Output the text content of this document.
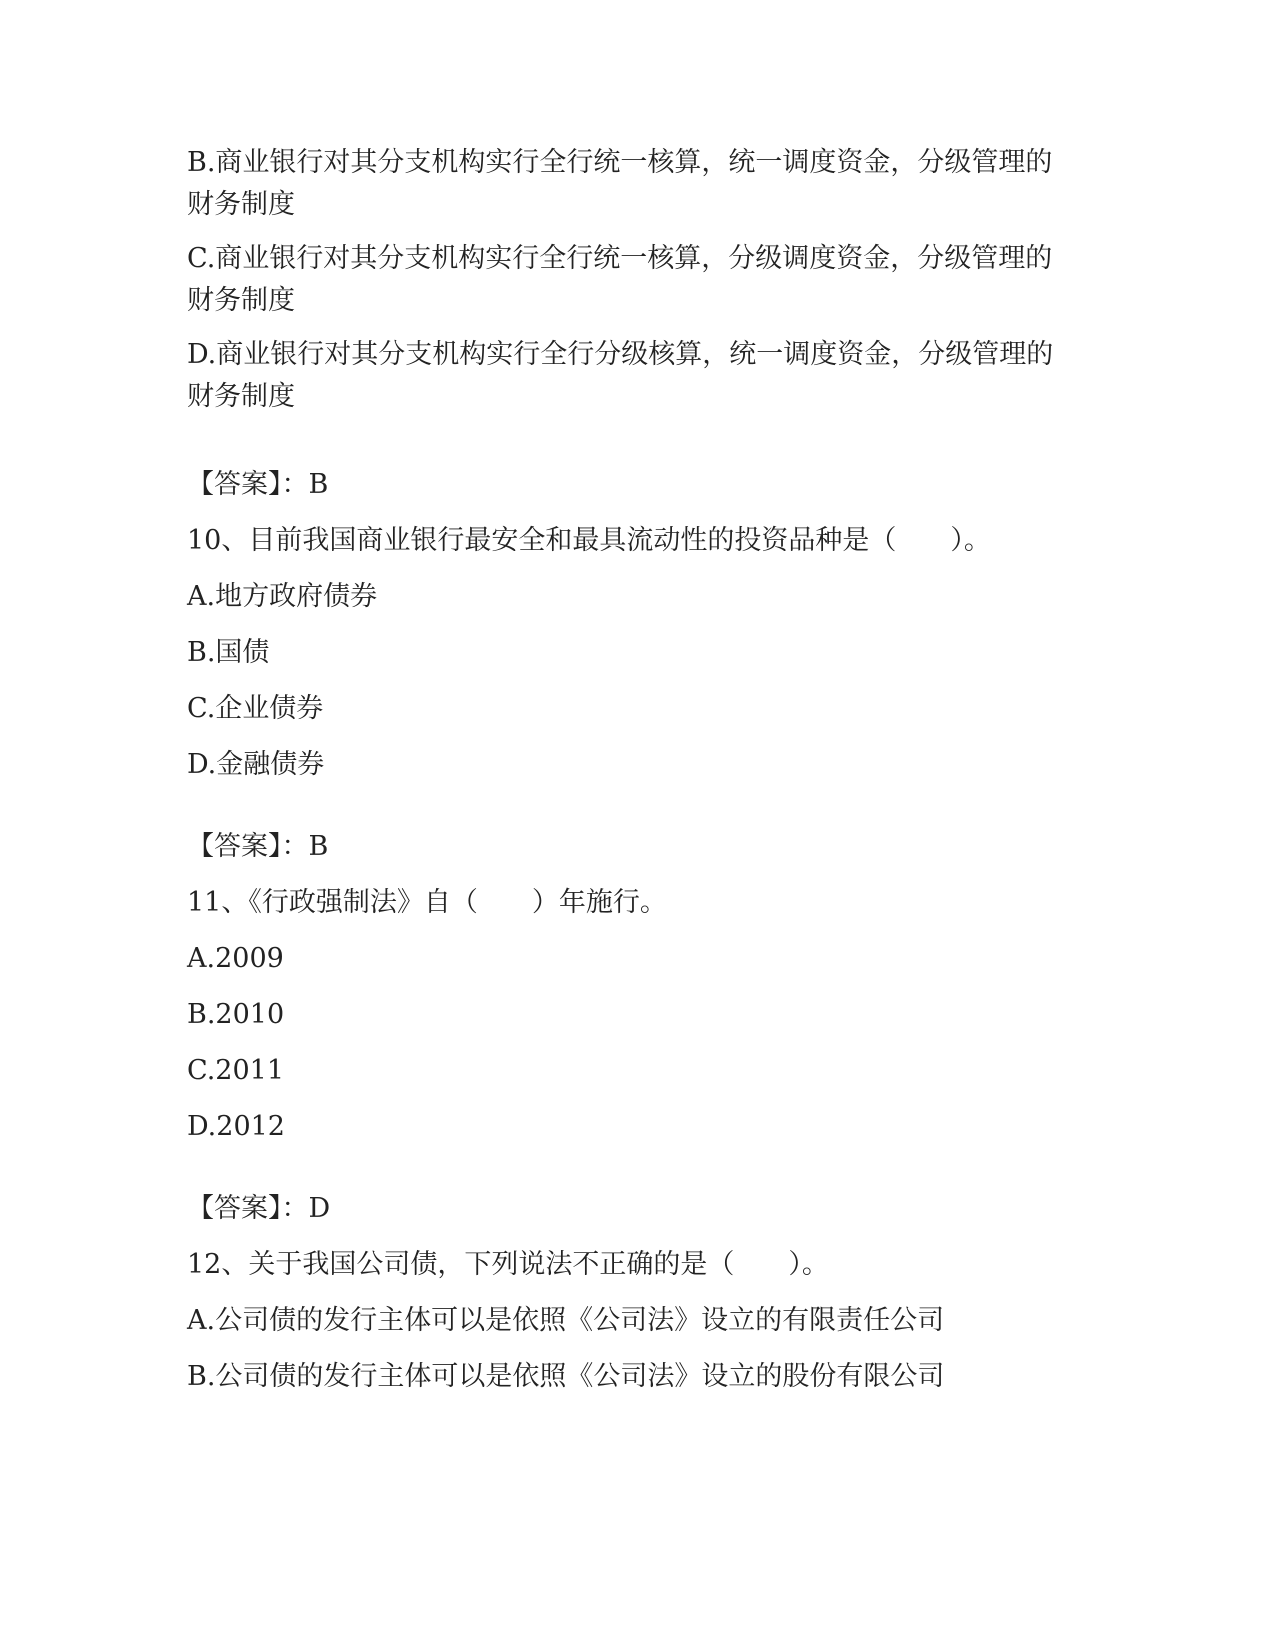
B.商业银行对其分支机构实行全行统一核算，统一调度资金，分级管理的财务制度
C.商业银行对其分支机构实行全行统一核算，分级调度资金，分级管理的财务制度
D.商业银行对其分支机构实行全行分级核算，统一调度资金，分级管理的财务制度
【答案】：B
10、目前我国商业银行最安全和最具流动性的投资品种是（　　）。
A.地方政府债券
B.国债
C.企业债券
D.金融债券
【答案】：B
11、《行政强制法》自（　　）年施行。
A.2009
B.2010
C.2011
D.2012
【答案】：D
12、关于我国公司债，下列说法不正确的是（　　）。
A.公司债的发行主体可以是依照《公司法》设立的有限责任公司
B.公司债的发行主体可以是依照《公司法》设立的股份有限公司
